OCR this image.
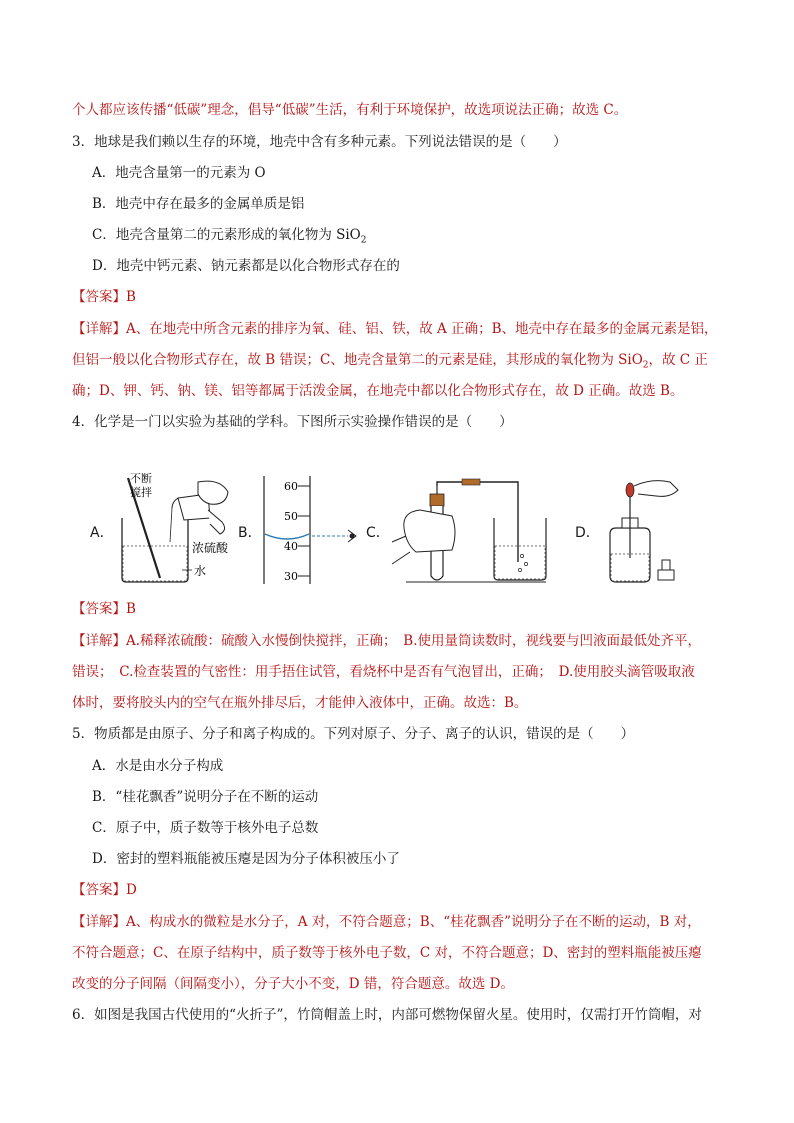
个人都应该传播“低碳”理念，倡导“低碳”生活，有利于环境保护，故选项说法正确；故选 C。
3．地球是我们赖以生存的环境，地壳中含有多种元素。下列说法错误的是（　　）
A．地壳含量第一的元素为 O
B．地壳中存在最多的金属单质是铝
C．地壳含量第二的元素形成的氧化物为 SiO$_2$
D．地壳中钙元素、钠元素都是以化合物形式存在的
【答案】B
【详解】A、在地壳中所含元素的排序为氧、硅、铝、铁，故 A 正确；B、地壳中存在最多的金属元素是铝，
但铝一般以化合物形式存在，故 B 错误；C、地壳含量第二的元素是硅，其形成的氧化物为 SiO$_2$，故 C 正
确；D、钾、钙、钠、镁、铝等都属于活泼金属，在地壳中都以化合物形式存在，故 D 正确。故选 B。
4．化学是一门以实验为基础的学科。下图所示实验操作错误的是（　　）
A．	B．	C．	D．
不断
搅拌
浓硫酸
水
60
50
40
30
【答案】B
【详解】A.稀释浓硫酸：硫酸入水慢倒快搅拌，正确；　B.使用量筒读数时，视线要与凹液面最低处齐平，
错误；　C.检查装置的气密性：用手捂住试管，看烧杯中是否有气泡冒出，正确；　D.使用胶头滴管吸取液
体时，要将胶头内的空气在瓶外排尽后，才能伸入液体中，正确。故选：B。
5．物质都是由原子、分子和离子构成的。下列对原子、分子、离子的认识，错误的是（　　）
A．水是由水分子构成
B．“桂花飘香”说明分子在不断的运动
C．原子中，质子数等于核外电子总数
D．密封的塑料瓶能被压瘪是因为分子体积被压小了
【答案】D
【详解】A、构成水的微粒是水分子，A 对，不符合题意；B、“桂花飘香”说明分子在不断的运动，B 对，
不符合题意；C、在原子结构中，质子数等于核外电子数，C 对，不符合题意；D、密封的塑料瓶能被压瘪
改变的分子间隔（间隔变小），分子大小不变，D 错，符合题意。故选 D。
6．如图是我国古代使用的“火折子”，竹筒帽盖上时，内部可燃物保留火星。使用时，仅需打开竹筒帽，对
